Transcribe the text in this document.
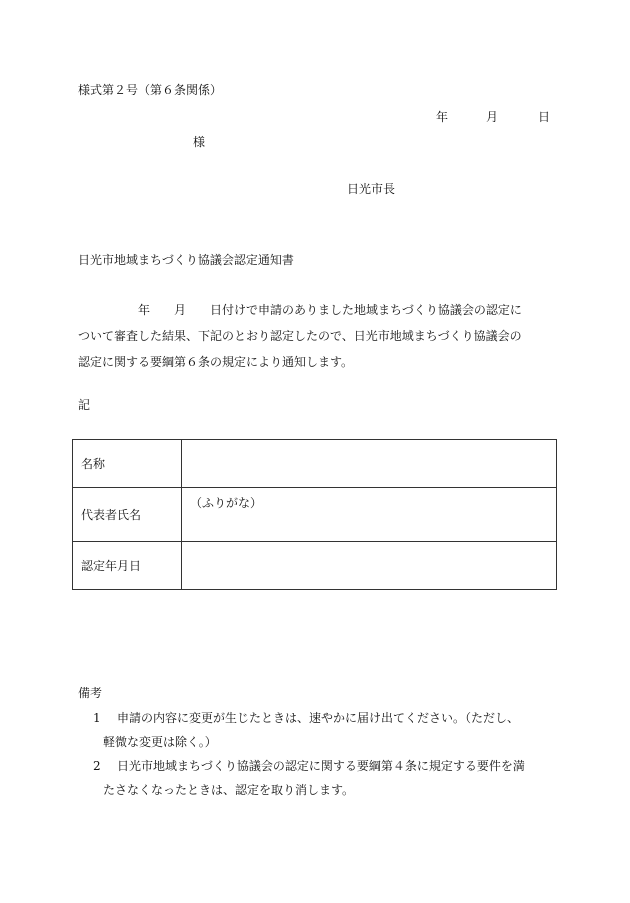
様式第２号（第６条関係）
年	月	日
様
日光市長
日光市地域まちづくり協議会認定通知書
　　　　　年　　月　　日付けで申請のありました地域まちづくり協議会の認定に
ついて審査した結果、下記のとおり認定したので、日光市地域まちづくり協議会の
認定に関する要綱第６条の規定により通知します。
記
名称	
代表者氏名	（ふりがな）
認定年月日	
備考
1 申請の内容に変更が生じたときは、速やかに届け出てください。（ただし、
軽微な変更は除く。）
2 日光市地域まちづくり協議会の認定に関する要綱第４条に規定する要件を満
たさなくなったときは、認定を取り消します。
